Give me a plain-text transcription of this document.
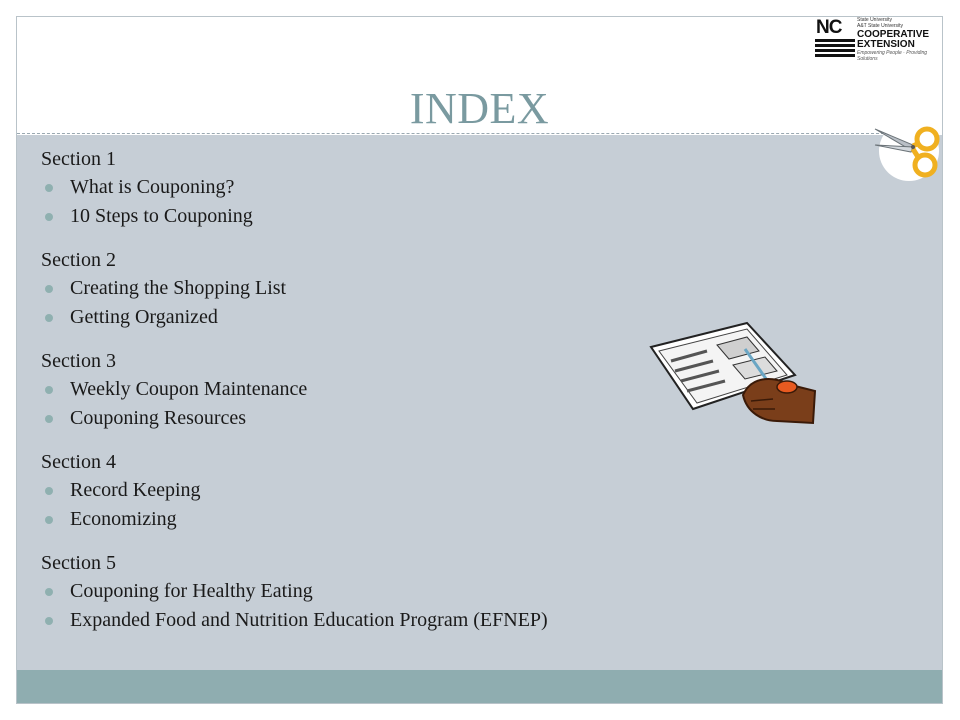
INDEX
NC	State University
A&T State University
COOPERATIVE
EXTENSION
Empowering People · Providing Solutions
Section 1
What is Couponing?
10 Steps to Couponing
Section 2
Creating the Shopping List
Getting Organized
Section 3
Weekly Coupon Maintenance
Couponing Resources
Section 4
Record Keeping
Economizing
Section 5
Couponing for Healthy Eating
Expanded Food and Nutrition Education Program (EFNEP)
